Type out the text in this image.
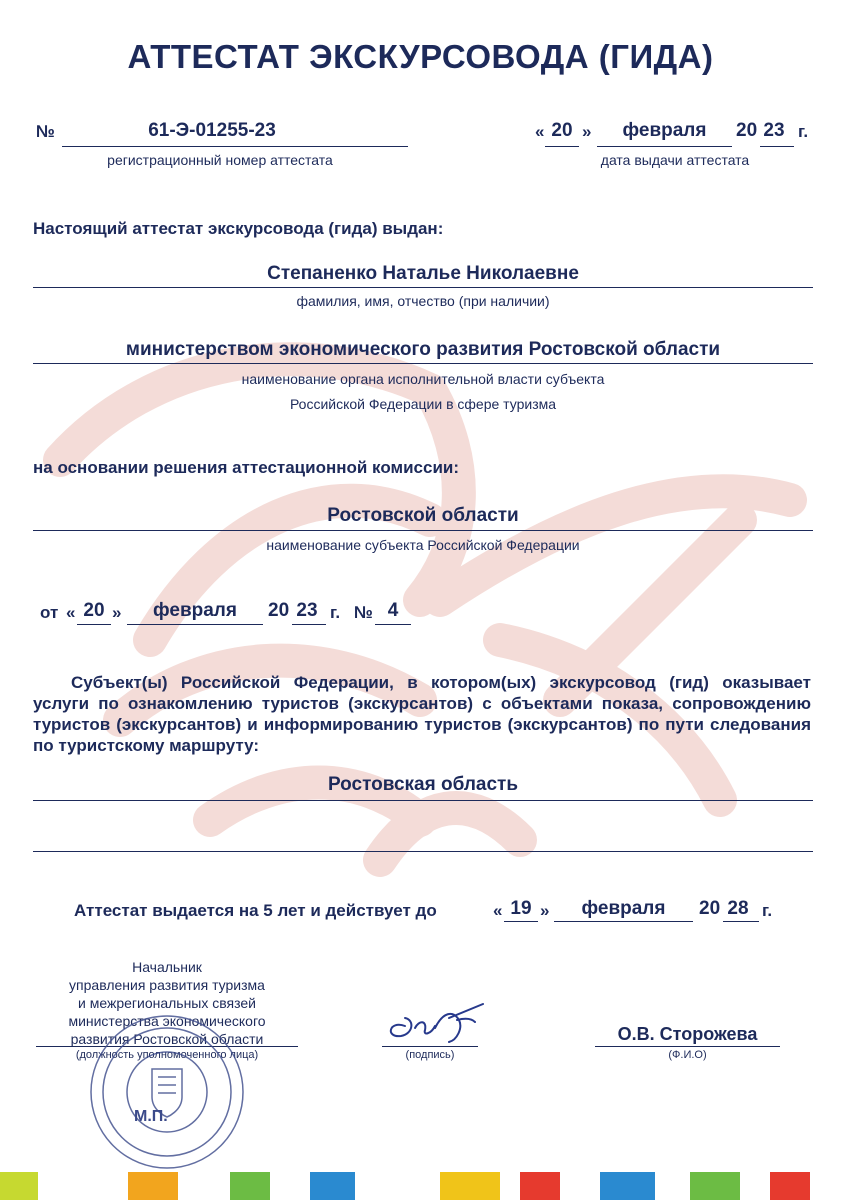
АТТЕСТАТ ЭКСКУРСОВОДА (ГИДА)
№	61-Э-01255-23
регистрационный номер аттестата
« 20 »	февраля	20 23 г.
дата выдачи аттестата
Настоящий аттестат экскурсовода (гида) выдан:
Степаненко Наталье Николаевне
фамилия, имя, отчество (при наличии)
министерством экономического развития Ростовской области
наименование органа исполнительной власти субъекта
Российской Федерации в сфере туризма
на основании решения аттестационной комиссии:
Ростовской области
наименование субъекта Российской Федерации
от « 20 »	февраля	20 23 г. № 4
Субъект(ы) Российской Федерации, в котором(ых) экскурсовод (гид) оказывает услуги по ознакомлению туристов (экскурсантов) с объектами показа, сопровождению туристов (экскурсантов) и информированию туристов (экскурсантов) по пути следования по туристскому маршруту:
Ростовская область
Аттестат выдается на 5 лет и действует до	« 19 »	февраля	20 28 г.
Начальник
управления развития туризма
и межрегиональных связей
министерства экономического
развития Ростовской области
(должность уполномоченного лица)	(подпись)
О.В. Сторожева
(Ф.И.О)
М.П.
